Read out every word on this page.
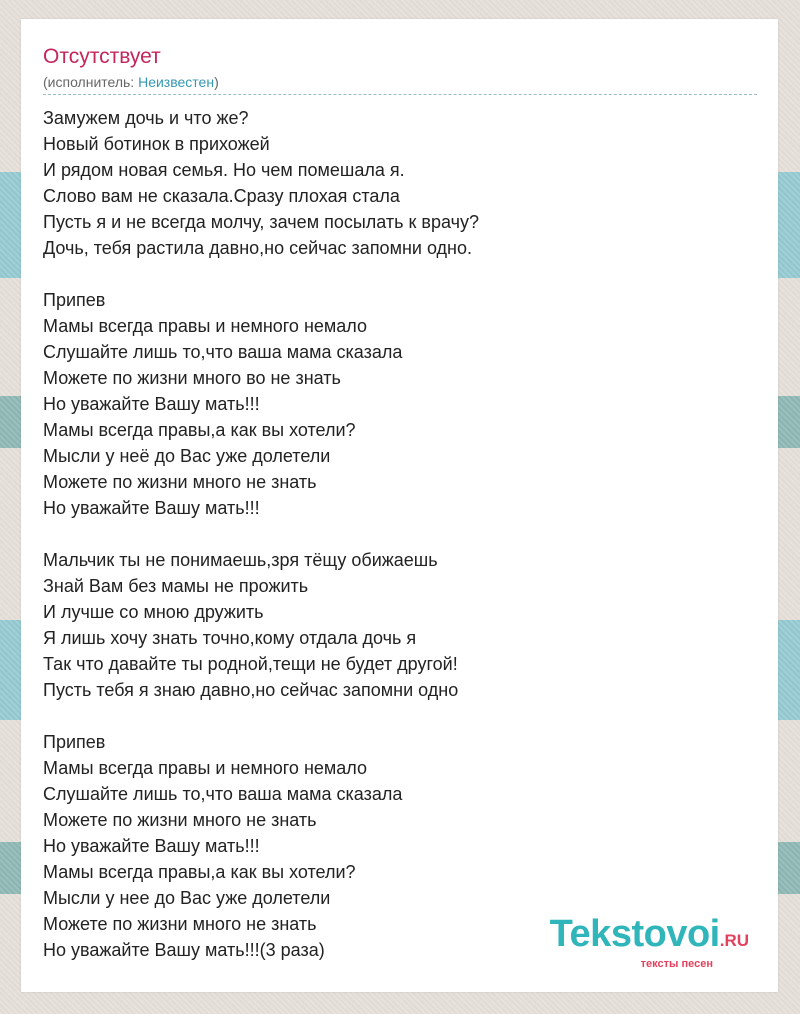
Отсутствует
(исполнитель: Неизвестен)
Замужем дочь и что же?
Новый ботинок в прихожей
И рядом новая семья. Но чем помешала я.
Слово вам не сказала.Сразу плохая стала
Пусть я и не всегда молчу, зачем посылать к врачу?
Дочь, тебя растила давно,но сейчас запомни одно.
Припев
Мамы всегда правы и немного немало
Слушайте лишь то,что ваша мама сказала
Можете по жизни много во не знать
Но уважайте Вашу мать!!!
Мамы всегда правы,а как вы хотели?
Мысли у неё до Вас уже долетели
Можете по жизни много не знать
Но уважайте Вашу мать!!!
Мальчик ты не понимаешь,зря тёщу обижаешь
Знай Вам без мамы не прожить
И лучше со мною дружить
Я лишь хочу знать точно,кому отдала дочь я
Так что давайте ты родной,тещи не будет другой!
Пусть тебя я знаю давно,но сейчас запомни одно
Припев
Мамы всегда правы и немного немало
Слушайте лишь то,что ваша мама сказала
Можете по жизни много не знать
Но уважайте Вашу мать!!!
Мамы всегда правы,а как вы хотели?
Мысли у нее до Вас уже долетели
Можете по жизни много не знать
Но уважайте Вашу мать!!!(3 раза)	Tekstovoi.RU
тексты песен
